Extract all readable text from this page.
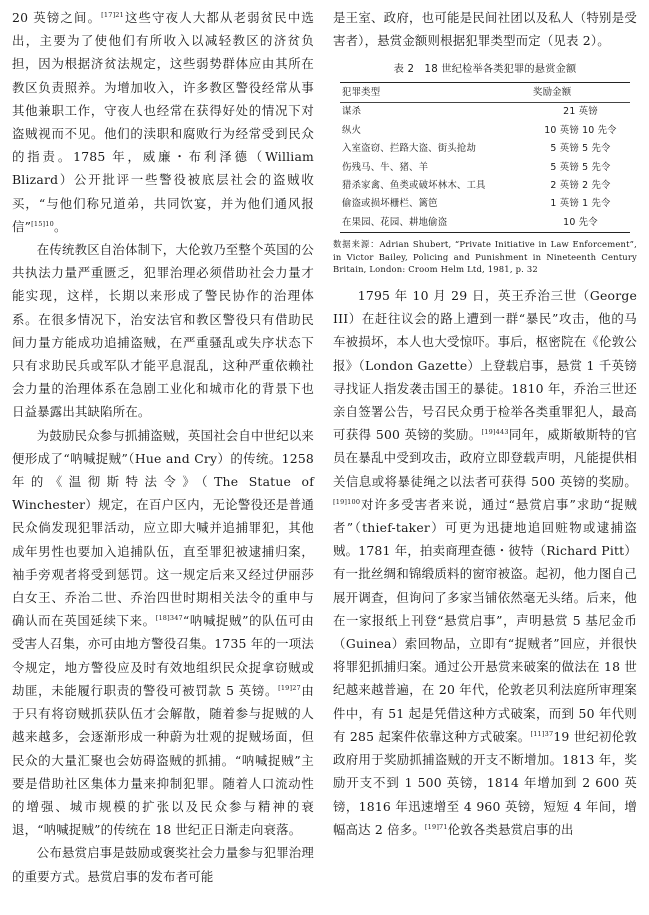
20 英镑之间。$^{[17]21}$这些守夜人大都从老弱贫民中选出，主要为了使他们有所收入以减轻教区的济贫负担，因为根据济贫法规定，这些弱势群体应由其所在教区负责照养。为增加收入，许多教区警役经常从事其他兼职工作，守夜人也经常在获得好处的情况下对盗贼视而不见。他们的渎职和腐败行为经常受到民众的指责。1785 年，威廉・布利泽德（William Blizard）公开批评一些警役被底层社会的盗贼收买，“与他们称兄道弟，共同饮宴，并为他们通风报信”$^{[15]10}$。

在传统教区自治体制下，大伦敦乃至整个英国的公共执法力量严重匮乏，犯罪治理必须借助社会力量才能实现，这样，长期以来形成了警民协作的治理体系。在很多情况下，治安法官和教区警役只有借助民间力量方能成功追捕盗贼，在严重骚乱或失序状态下只有求助民兵或军队才能平息混乱，这种严重依赖社会力量的治理体系在急剧工业化和城市化的背景下也日益暴露出其缺陷所在。

为鼓励民众参与抓捕盗贼，英国社会自中世纪以来便形成了“呐喊捉贼”（Hue and Cry）的传统。1258 年的《温彻斯特法令》（The Statue of Winchester）规定，在百户区内，无论警役还是普通民众倘发现犯罪活动，应立即大喊并追捕罪犯，其他成年男性也要加入追捕队伍，直至罪犯被逮捕归案，袖手旁观者将受到惩罚。这一规定后来又经过伊丽莎白女王、乔治二世、乔治四世时期相关法令的重申与确认而在英国延续下来。$^{[18]347}$“呐喊捉贼”的队伍可由受害人召集，亦可由地方警役召集。1735 年的一项法令规定，地方警役应及时有效地组织民众捉拿窃贼或劫匪，未能履行职责的警役可被罚款 5 英镑。$^{[19]27}$由于只有将窃贼抓获队伍才会解散，随着参与捉贼的人越来越多，会逐渐形成一种蔚为壮观的捉贼场面，但民众的大量汇聚也会妨碍盗贼的抓捕。“呐喊捉贼”主要是借助社区集体力量来抑制犯罪。随着人口流动性的增强、城市规模的扩张以及民众参与精神的衰退，“呐喊捉贼”的传统在 18 世纪正日渐走向衰落。

公布悬赏启事是鼓励或褒奖社会力量参与犯罪治理的重要方式。悬赏启事的发布者可能

是王室、政府，也可能是民间社团以及私人（特别是受害者），悬赏金额则根据犯罪类型而定（见表 2）。

表 2　18 世纪检举各类犯罪的悬赏金额
犯罪类型	奖励金额
谋杀	21 英镑
纵火	10 英镑 10 先令
入室盗窃、拦路大盗、街头抢劫	5 英镑 5 先令
伤残马、牛、猪、羊	5 英镑 5 先令
猎杀家禽、鱼类或破坏林木、工具	2 英镑 2 先令
偷盗或损坏栅栏、篱笆	1 英镑 1 先令
在果园、花园、耕地偷盗	10 先令
数据来源：Adrian Shubert, “Private Initiative in Law Enforcement”, in Victor Bailey, Policing and Punishment in Nineteenth Century Britain, London: Croom Helm Ltd, 1981, p. 32

1795 年 10 月 29 日，英王乔治三世（George III）在赶往议会的路上遭到一群“暴民”攻击，他的马车被损坏，本人也大受惊吓。事后，枢密院在《伦敦公报》（London Gazette）上登载启事，悬赏 1 千英镑寻找证人指发袭击国王的暴徒。1810 年，乔治三世还亲自签署公告，号召民众勇于检举各类重罪犯人，最高可获得 500 英镑的奖励。$^{[19]443}$同年，威斯敏斯特的官员在暴乱中受到攻击，政府立即登载声明，凡能提供相关信息或将暴徒绳之以法者可获得 500 英镑的奖励。$^{[19]100}$对许多受害者来说，通过“悬赏启事”求助“捉贼者”（thief-taker）可更为迅捷地追回赃物或逮捕盗贼。1781 年，拍卖商理查德・彼特（Richard Pitt）有一批丝绸和锦缎质料的窗帘被盗。起初，他力图自己展开调查，但询问了多家当铺依然毫无头绪。后来，他在一家报纸上刊登“悬赏启事”，声明悬赏 5 基尼金币（Guinea）索回物品，立即有“捉贼者”回应，并很快将罪犯抓捕归案。通过公开悬赏来破案的做法在 18 世纪越来越普遍，在 20 年代，伦敦老贝利法庭所审理案件中，有 51 起是凭借这种方式破案，而到 50 年代则有 285 起案件依靠这种方式破案。$^{[11]37}$19 世纪初伦敦政府用于奖励抓捕盗贼的开支不断增加。1813 年，奖励开支不到 1 500 英镑，1814 年增加到 2 600 英镑，1816 年迅速增至 4 960 英镑，短短 4 年间，增幅高达 2 倍多。$^{[19]71}$伦敦各类悬赏启事的出
